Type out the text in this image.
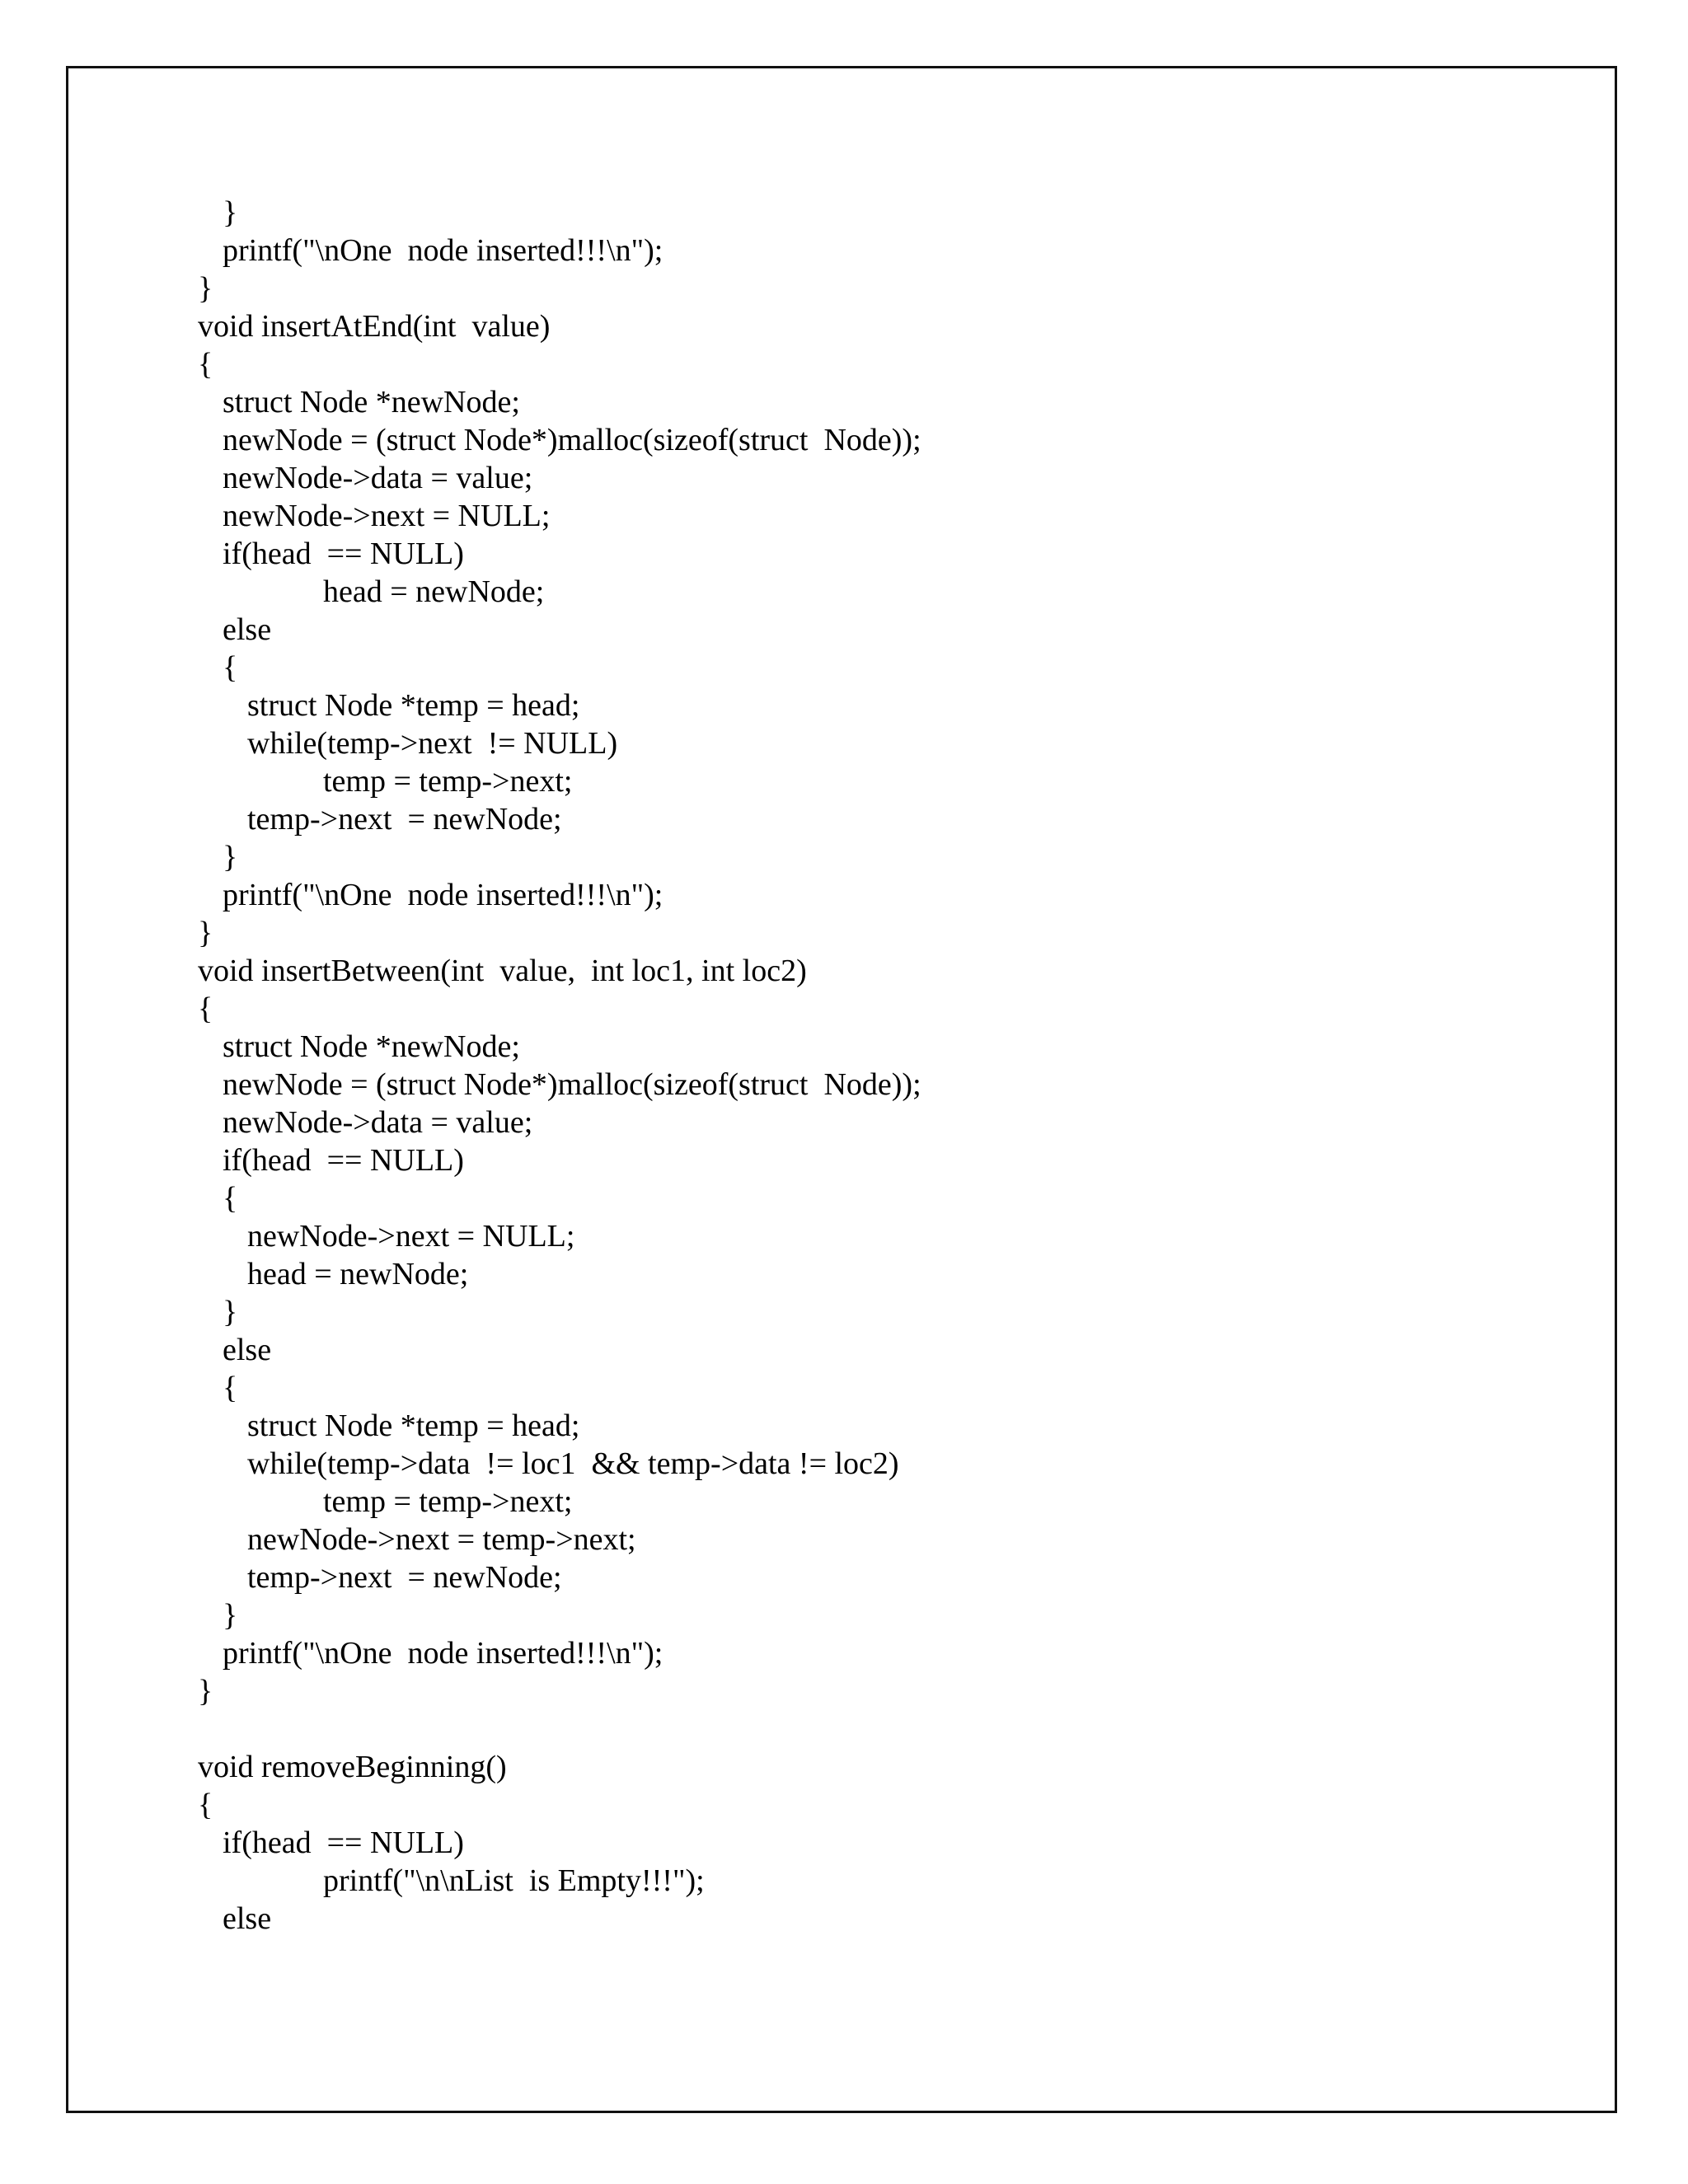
}
printf("\nOne  node inserted!!!\n");
}
void insertAtEnd(int  value)
{
struct Node *newNode;
newNode = (struct Node*)malloc(sizeof(struct  Node));
newNode->data = value;
newNode->next = NULL;
if(head  == NULL)
head = newNode;
else
{
struct Node *temp = head;
while(temp->next  != NULL)
temp = temp->next;
temp->next  = newNode;
}
printf("\nOne  node inserted!!!\n");
}
void insertBetween(int  value,  int loc1, int loc2)
{
struct Node *newNode;
newNode = (struct Node*)malloc(sizeof(struct  Node));
newNode->data = value;
if(head  == NULL)
{
newNode->next = NULL;
head = newNode;
}
else
{
struct Node *temp = head;
while(temp->data  != loc1  && temp->data != loc2)
temp = temp->next;
newNode->next = temp->next;
temp->next  = newNode;
}
printf("\nOne  node inserted!!!\n");
}
void removeBeginning()
{
if(head  == NULL)
printf("\n\nList  is Empty!!!");
else
